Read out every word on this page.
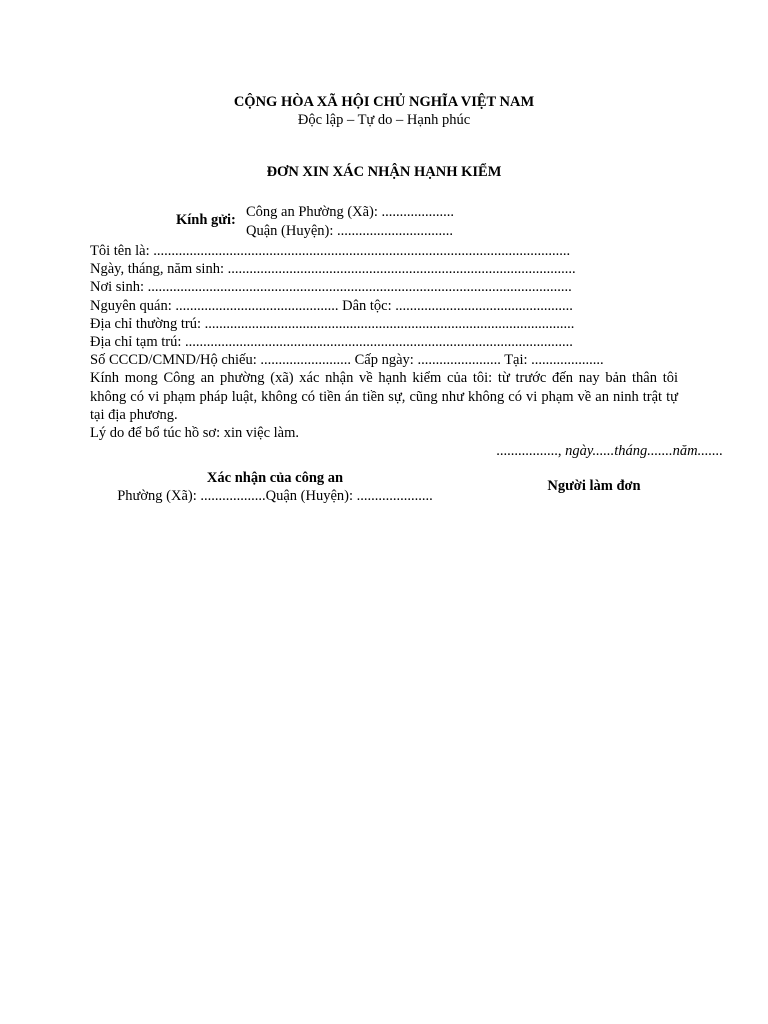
CỘNG HÒA XÃ HỘI CHỦ NGHĨA VIỆT NAM
Độc lập – Tự do – Hạnh phúc
ĐƠN XIN XÁC NHẬN HẠNH KIỂM
Kính gửi: Công an Phường (Xã): ....................
Quận (Huyện): ................................
Tôi tên là: ...................................................................................................................
Ngày, tháng, năm sinh: ................................................................................................
Nơi sinh: .....................................................................................................................
Nguyên quán: ............................................. Dân tộc: .................................................
Địa chỉ thường trú: ......................................................................................................
Địa chỉ tạm trú: ...........................................................................................................
Số CCCD/CMND/Hộ chiếu: ......................... Cấp ngày: ....................... Tại: ....................
Kính mong Công an phường (xã) xác nhận về hạnh kiểm của tôi: từ trước đến nay bản thân tôi không có vi phạm pháp luật, không có tiền án tiền sự, cũng như không có vi phạm về an ninh trật tự tại địa phương.
Lý do để bổ túc hồ sơ: xin việc làm.
................., ngày......tháng.......năm.......
Xác nhận của công an
Phường (Xã): ..................Quận (Huyện): .....................
Người làm đơn
